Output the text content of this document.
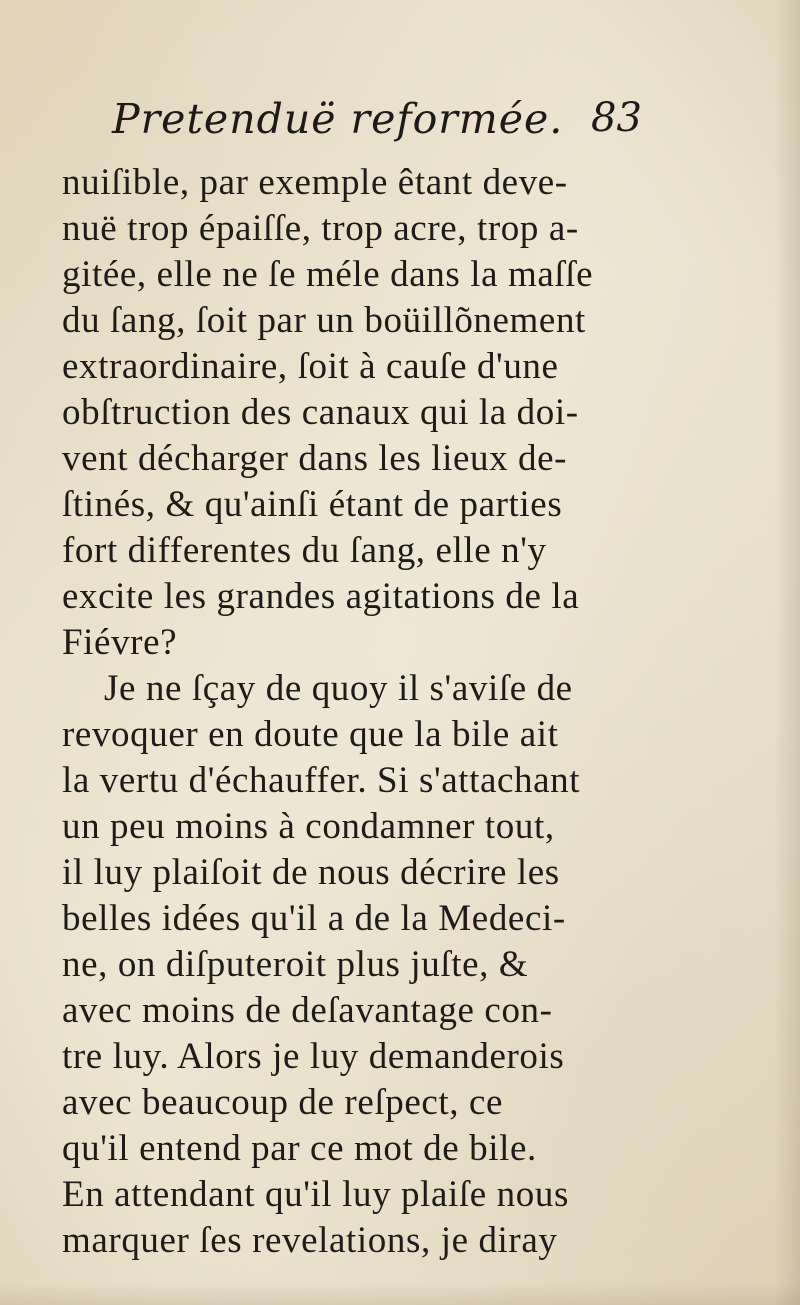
Pretenduë reformée. 83
nuiſible, par exemple êtant deve-
nuë trop épaiſſe, trop acre, trop a-
gitée, elle ne ſe méle dans la maſſe
du ſang, ſoit par un boüillõnement
extraordinaire, ſoit à cauſe d'une
obſtruction des canaux qui la doi-
vent décharger dans les lieux de-
ſtinés, & qu'ainſi étant de parties
fort differentes du ſang, elle n'y
excite les grandes agitations de la
Fiévre?
Je ne ſçay de quoy il s'aviſe de
revoquer en doute que la bile ait
la vertu d'échauffer. Si s'attachant
un peu moins à condamner tout,
il luy plaiſoit de nous décrire les
belles idées qu'il a de la Medeci-
ne, on diſputeroit plus juſte, &
avec moins de deſavantage con-
tre luy. Alors je luy demanderois
avec beaucoup de reſpect, ce
qu'il entend par ce mot de bile.
En attendant qu'il luy plaiſe nous
marquer ſes revelations, je diray
